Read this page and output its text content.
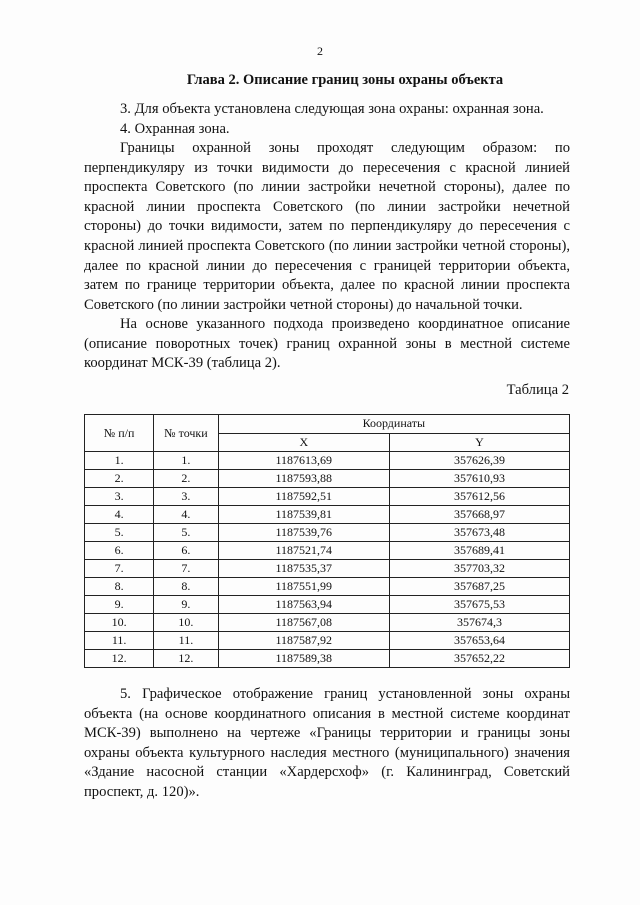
2
Глава 2. Описание границ зоны охраны объекта

3. Для объекта установлена следующая зона охраны: охранная зона.

4. Охранная зона.

Границы охранной зоны проходят следующим образом: по перпендикуляру из точки видимости до пересечения с красной линией проспекта Советского (по линии застройки нечетной стороны), далее по красной линии проспекта Советского (по линии застройки нечетной стороны) до точки видимости, затем по перпендикуляру до пересечения с красной линией проспекта Советского (по линии застройки четной стороны), далее по красной линии до пересечения с границей территории объекта, затем по границе территории объекта, далее по красной линии проспекта Советского (по линии застройки четной стороны) до начальной точки.

На основе указанного подхода произведено координатное описание (описание поворотных точек) границ охранной зоны в местной системе координат МСК-39 (таблица 2).

Таблица 2
№ п/п	№ точки	Координаты	
		X	Y
1.	1.	1187613,69	357626,39
2.	2.	1187593,88	357610,93
3.	3.	1187592,51	357612,56
4.	4.	1187539,81	357668,97
5.	5.	1187539,76	357673,48
6.	6.	1187521,74	357689,41
7.	7.	1187535,37	357703,32
8.	8.	1187551,99	357687,25
9.	9.	1187563,94	357675,53
10.	10.	1187567,08	357674,3
11.	11.	1187587,92	357653,64
12.	12.	1187589,38	357652,22

5. Графическое отображение границ установленной зоны охраны объекта (на основе координатного описания в местной системе координат МСК-39) выполнено на чертеже «Границы территории и границы зоны охраны объекта культурного наследия местного (муниципального) значения «Здание насосной станции «Хардерсхоф» (г. Калининград, Советский проспект, д. 120)».
